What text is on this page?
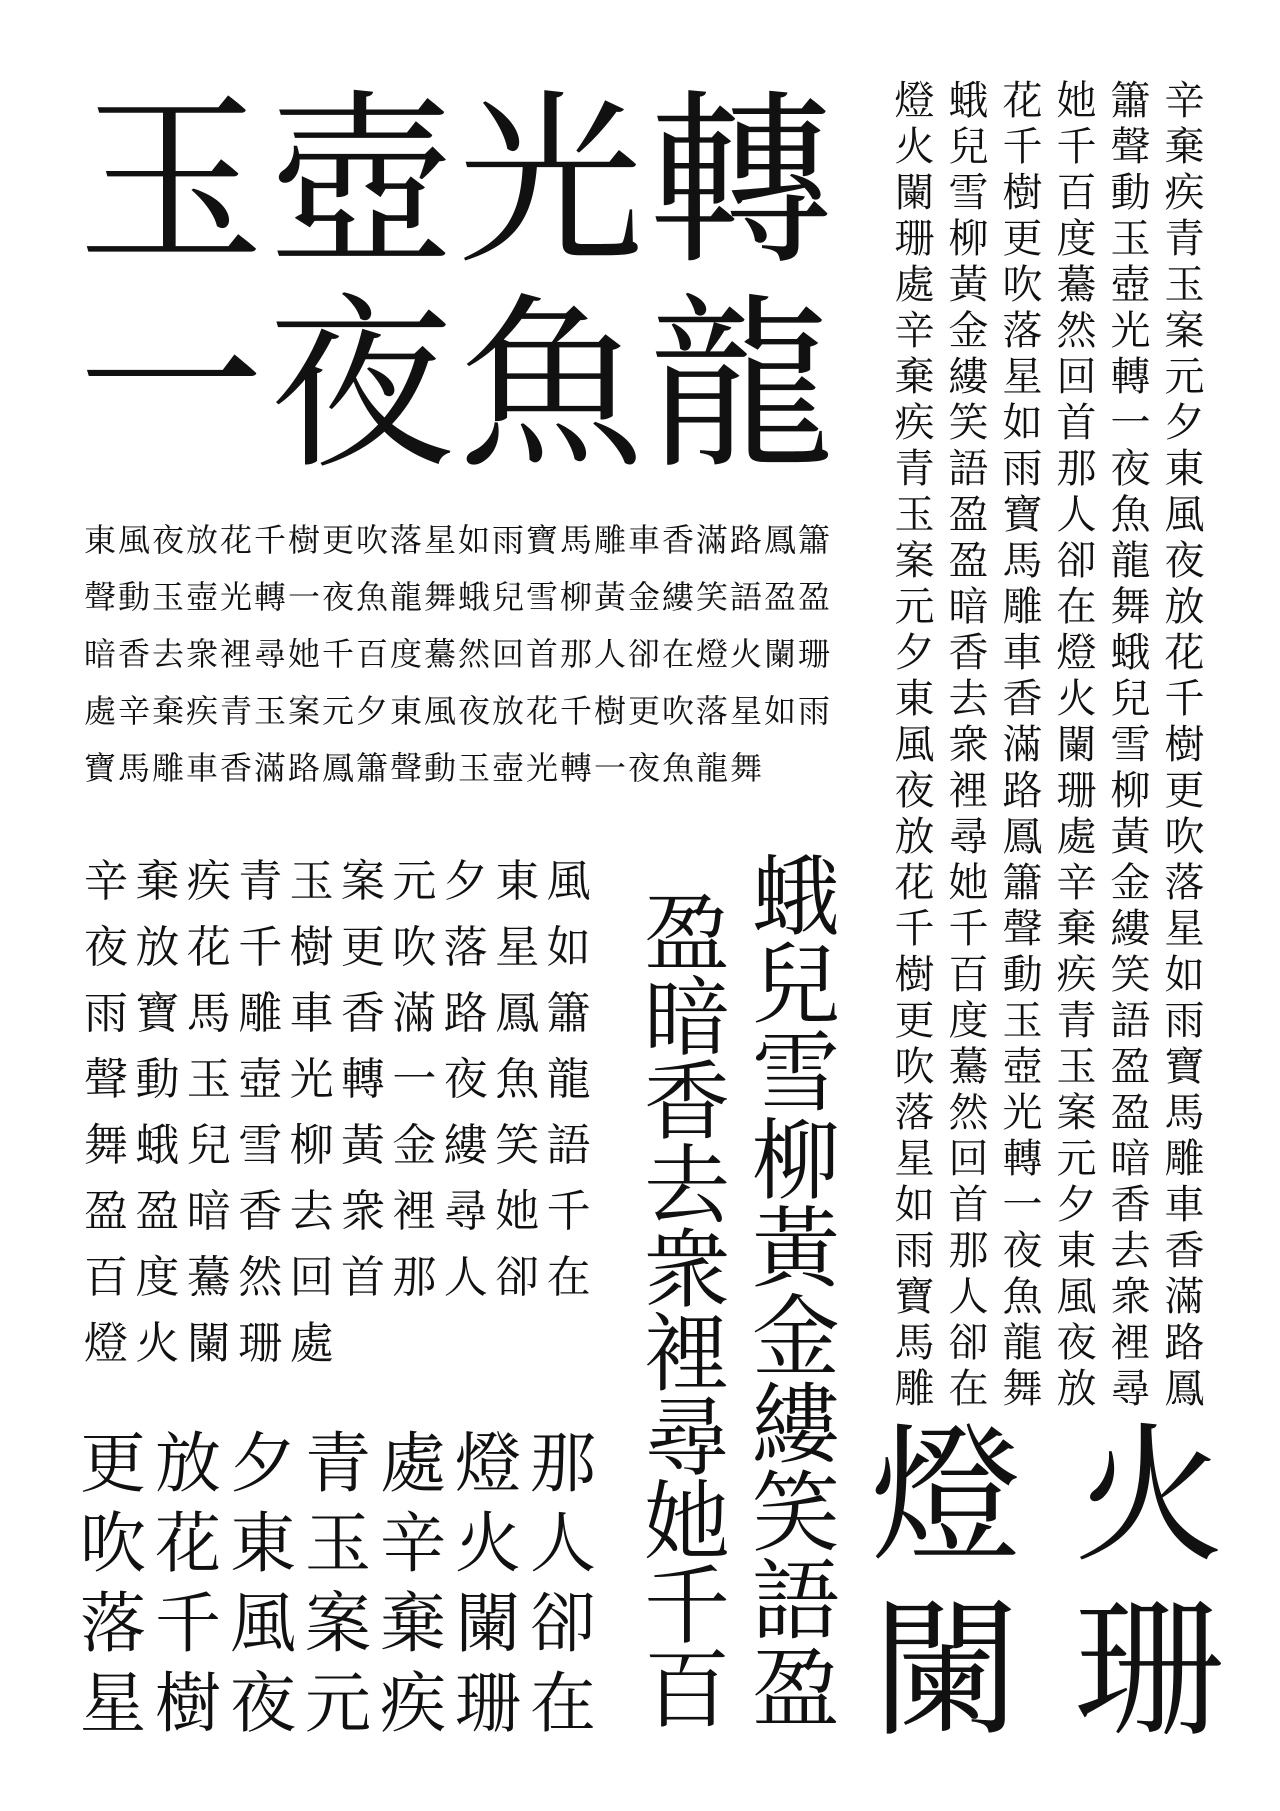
玉壺光轉
一夜魚龍
東風夜放花千樹更吹落星如雨寶馬雕車香滿路鳳簫
聲動玉壺光轉一夜魚龍舞蛾兒雪柳黃金縷笑語盈盈
暗香去衆裡尋她千百度驀然回首那人卻在燈火闌珊
處辛棄疾青玉案元夕東風夜放花千樹更吹落星如雨
寶馬雕車香滿路鳳簫聲動玉壺光轉一夜魚龍舞
辛棄疾青玉案元夕東風
夜放花千樹更吹落星如
雨寶馬雕車香滿路鳳簫
聲動玉壺光轉一夜魚龍
舞蛾兒雪柳黃金縷笑語
盈盈暗香去衆裡尋她千
百度驀然回首那人卻在
燈火闌珊處
更放夕青處燈那
吹花東玉辛火人
落千風案棄闌卻
星樹夜元疾珊在 蛾兒雪柳黃金縷笑語盈
盈暗香去衆裡尋她千百	辛棄疾青玉案元夕東風夜放花千樹更吹落星如雨寶馬雕車香滿路鳳
簫聲動玉壺光轉一夜魚龍舞蛾兒雪柳黃金縷笑語盈盈暗香去衆裡尋
她千百度驀然回首那人卻在燈火闌珊處辛棄疾青玉案元夕東風夜放
花千樹更吹落星如雨寶馬雕車香滿路鳳簫聲動玉壺光轉一夜魚龍舞
蛾兒雪柳黃金縷笑語盈盈暗香去衆裡尋她千百度驀然回首那人卻在
燈火闌珊處辛棄疾青玉案元夕東風夜放花千樹更吹落星如雨寶馬雕
燈火
闌珊
